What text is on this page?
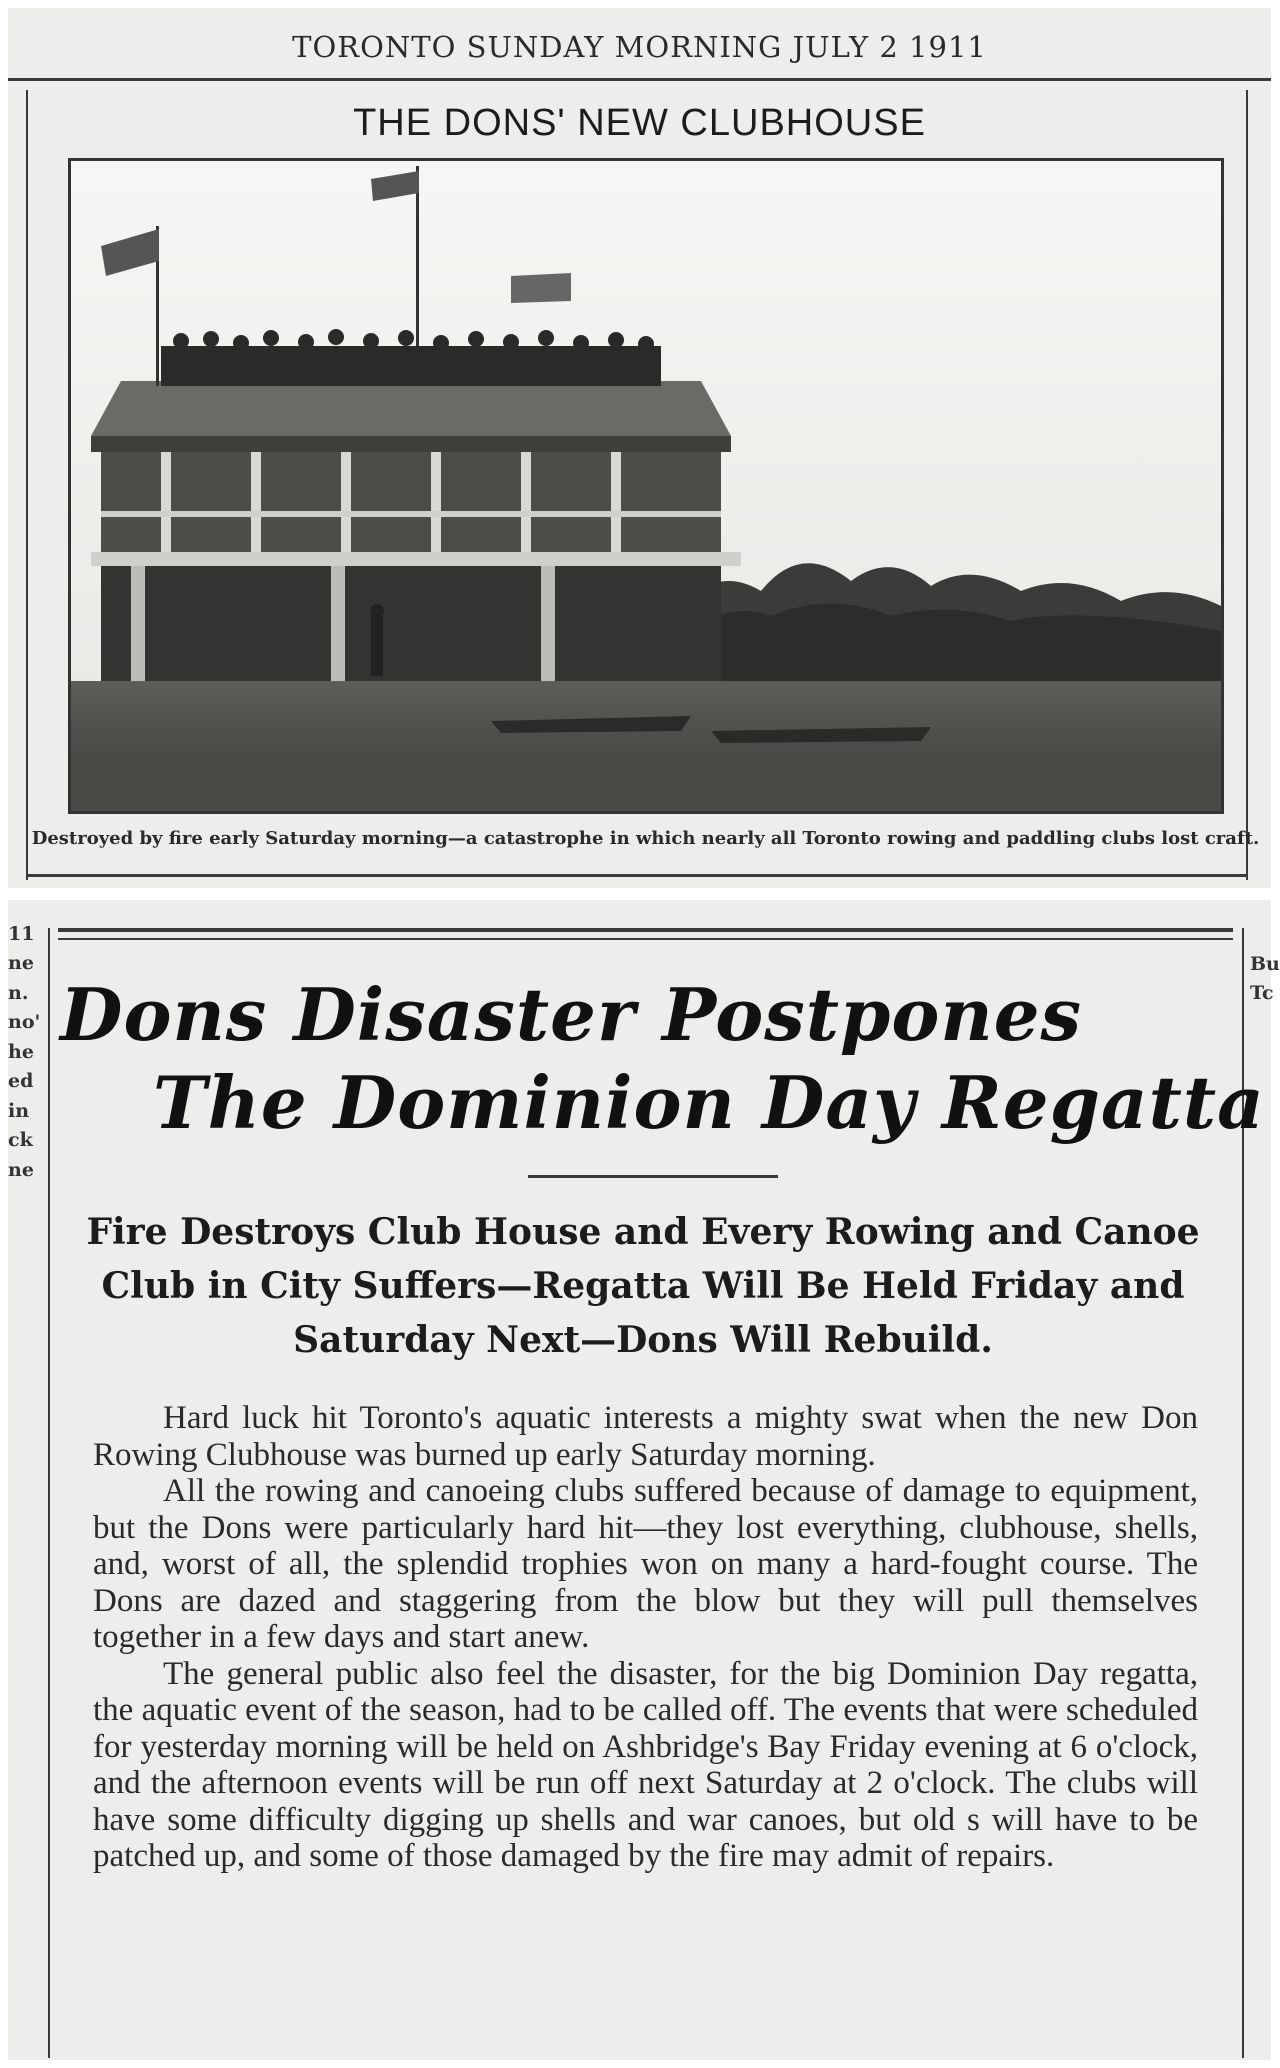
TORONTO SUNDAY MORNING JULY 2 1911
THE DONS' NEW CLUBHOUSE
Destroyed by fire early Saturday morning—a catastrophe in which nearly all Toronto rowing and paddling clubs lost craft.
11
ne
n.
no'
he
ed
in
ck
ne
Bu
Tc
Dons Disaster Postpones
The Dominion Day Regatta
Fire Destroys Club House and Every Rowing and Canoe Club in City Suffers—Regatta Will Be Held Friday and Saturday Next—Dons Will Rebuild.

Hard luck hit Toronto's aquatic interests a mighty swat when the new Don Rowing Clubhouse was burned up early Saturday morning.

All the rowing and canoeing clubs suffered because of damage to equipment, but the Dons were particularly hard hit—they lost everything, clubhouse, shells, and, worst of all, the splendid trophies won on many a hard-fought course. The Dons are dazed and staggering from the blow but they will pull themselves together in a few days and start anew.

The general public also feel the disaster, for the big Dominion Day regatta, the aquatic event of the season, had to be called off. The events that were scheduled for yesterday morning will be held on Ashbridge's Bay Friday evening at 6 o'clock, and the afternoon events will be run off next Saturday at 2 o'clock. The clubs will have some difficulty digging up shells and war canoes, but old s will have to be patched up, and some of those damaged by the fire may admit of repairs.
